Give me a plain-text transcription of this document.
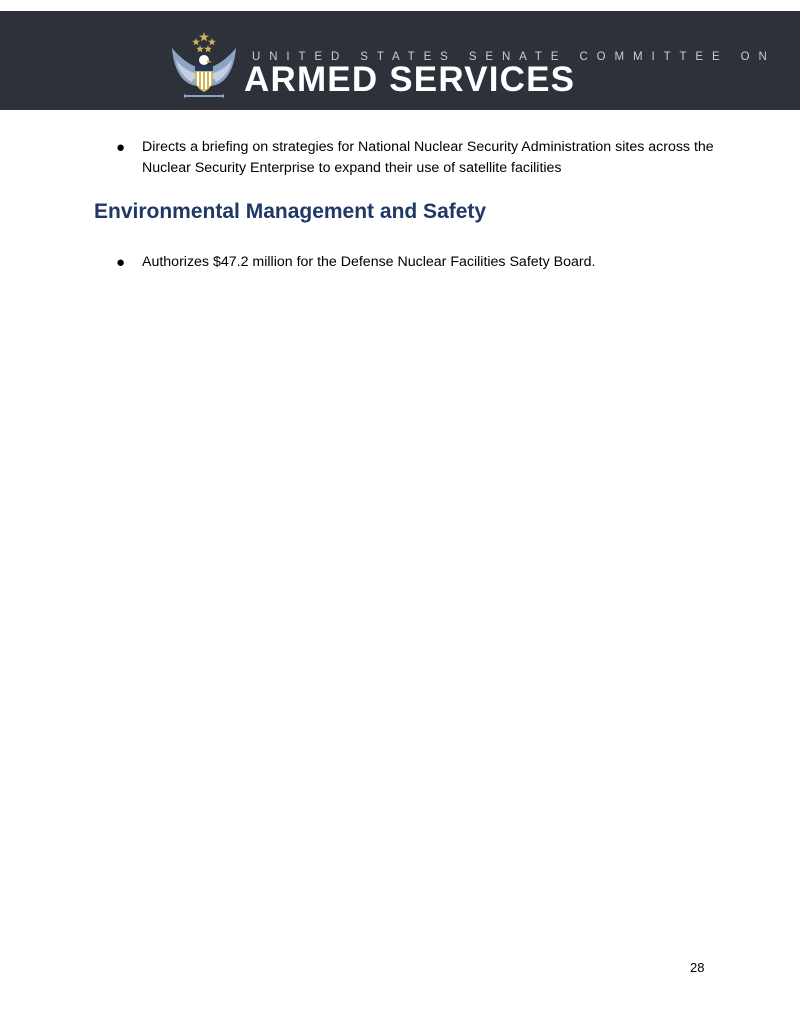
UNITED STATES SENATE COMMITTEE ON
ARMED SERVICES
● Directs a briefing on strategies for National Nuclear Security Administration sites across the Nuclear Security Enterprise to expand their use of satellite facilities
Environmental Management and Safety
● Authorizes $47.2 million for the Defense Nuclear Facilities Safety Board.
28
